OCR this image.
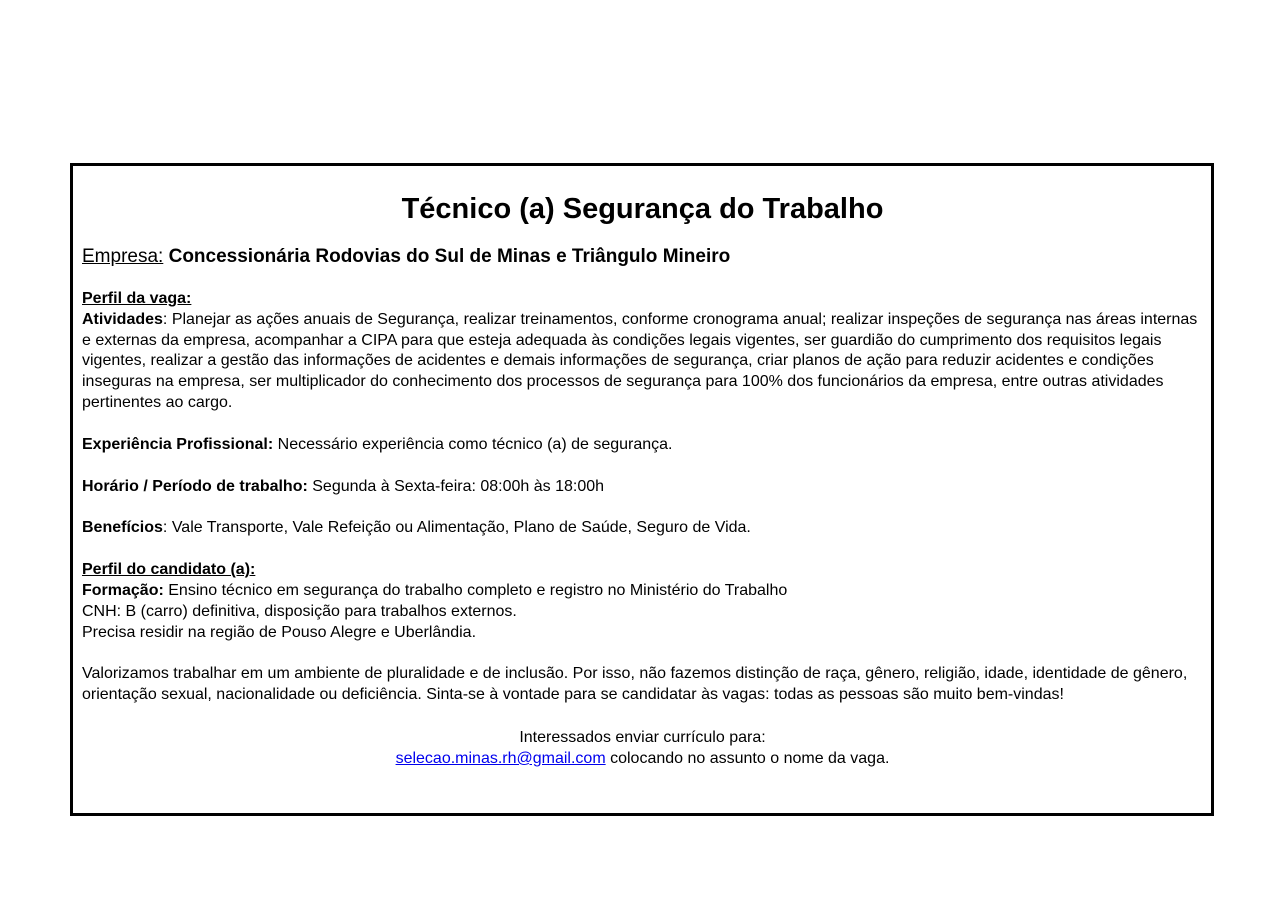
Técnico (a) Segurança do Trabalho
Empresa: Concessionária Rodovias do Sul de Minas e Triângulo Mineiro

Perfil da vaga:

Atividades: Planejar as ações anuais de Segurança, realizar treinamentos, conforme cronograma anual; realizar inspeções de segurança nas áreas internas e externas da empresa, acompanhar a CIPA para que esteja adequada às condições legais vigentes, ser guardião do cumprimento dos requisitos legais vigentes, realizar a gestão das informações de acidentes e demais informações de segurança, criar planos de ação para reduzir acidentes e condições inseguras na empresa, ser multiplicador do conhecimento dos processos de segurança para 100% dos funcionários da empresa, entre outras atividades pertinentes ao cargo.

Experiência Profissional: Necessário experiência como técnico (a) de segurança.

Horário / Período de trabalho: Segunda à Sexta-feira: 08:00h às 18:00h

Benefícios: Vale Transporte, Vale Refeição ou Alimentação, Plano de Saúde, Seguro de Vida.

Perfil do candidato (a):

Formação: Ensino técnico em segurança do trabalho completo e registro no Ministério do Trabalho

CNH: B (carro) definitiva, disposição para trabalhos externos.

Precisa residir na região de Pouso Alegre e Uberlândia.

Valorizamos trabalhar em um ambiente de pluralidade e de inclusão. Por isso, não fazemos distinção de raça, gênero, religião, idade, identidade de gênero, orientação sexual, nacionalidade ou deficiência. Sinta-se à vontade para se candidatar às vagas: todas as pessoas são muito bem-vindas!

Interessados enviar currículo para:
selecao.minas.rh@gmail.com colocando no assunto o nome da vaga.
